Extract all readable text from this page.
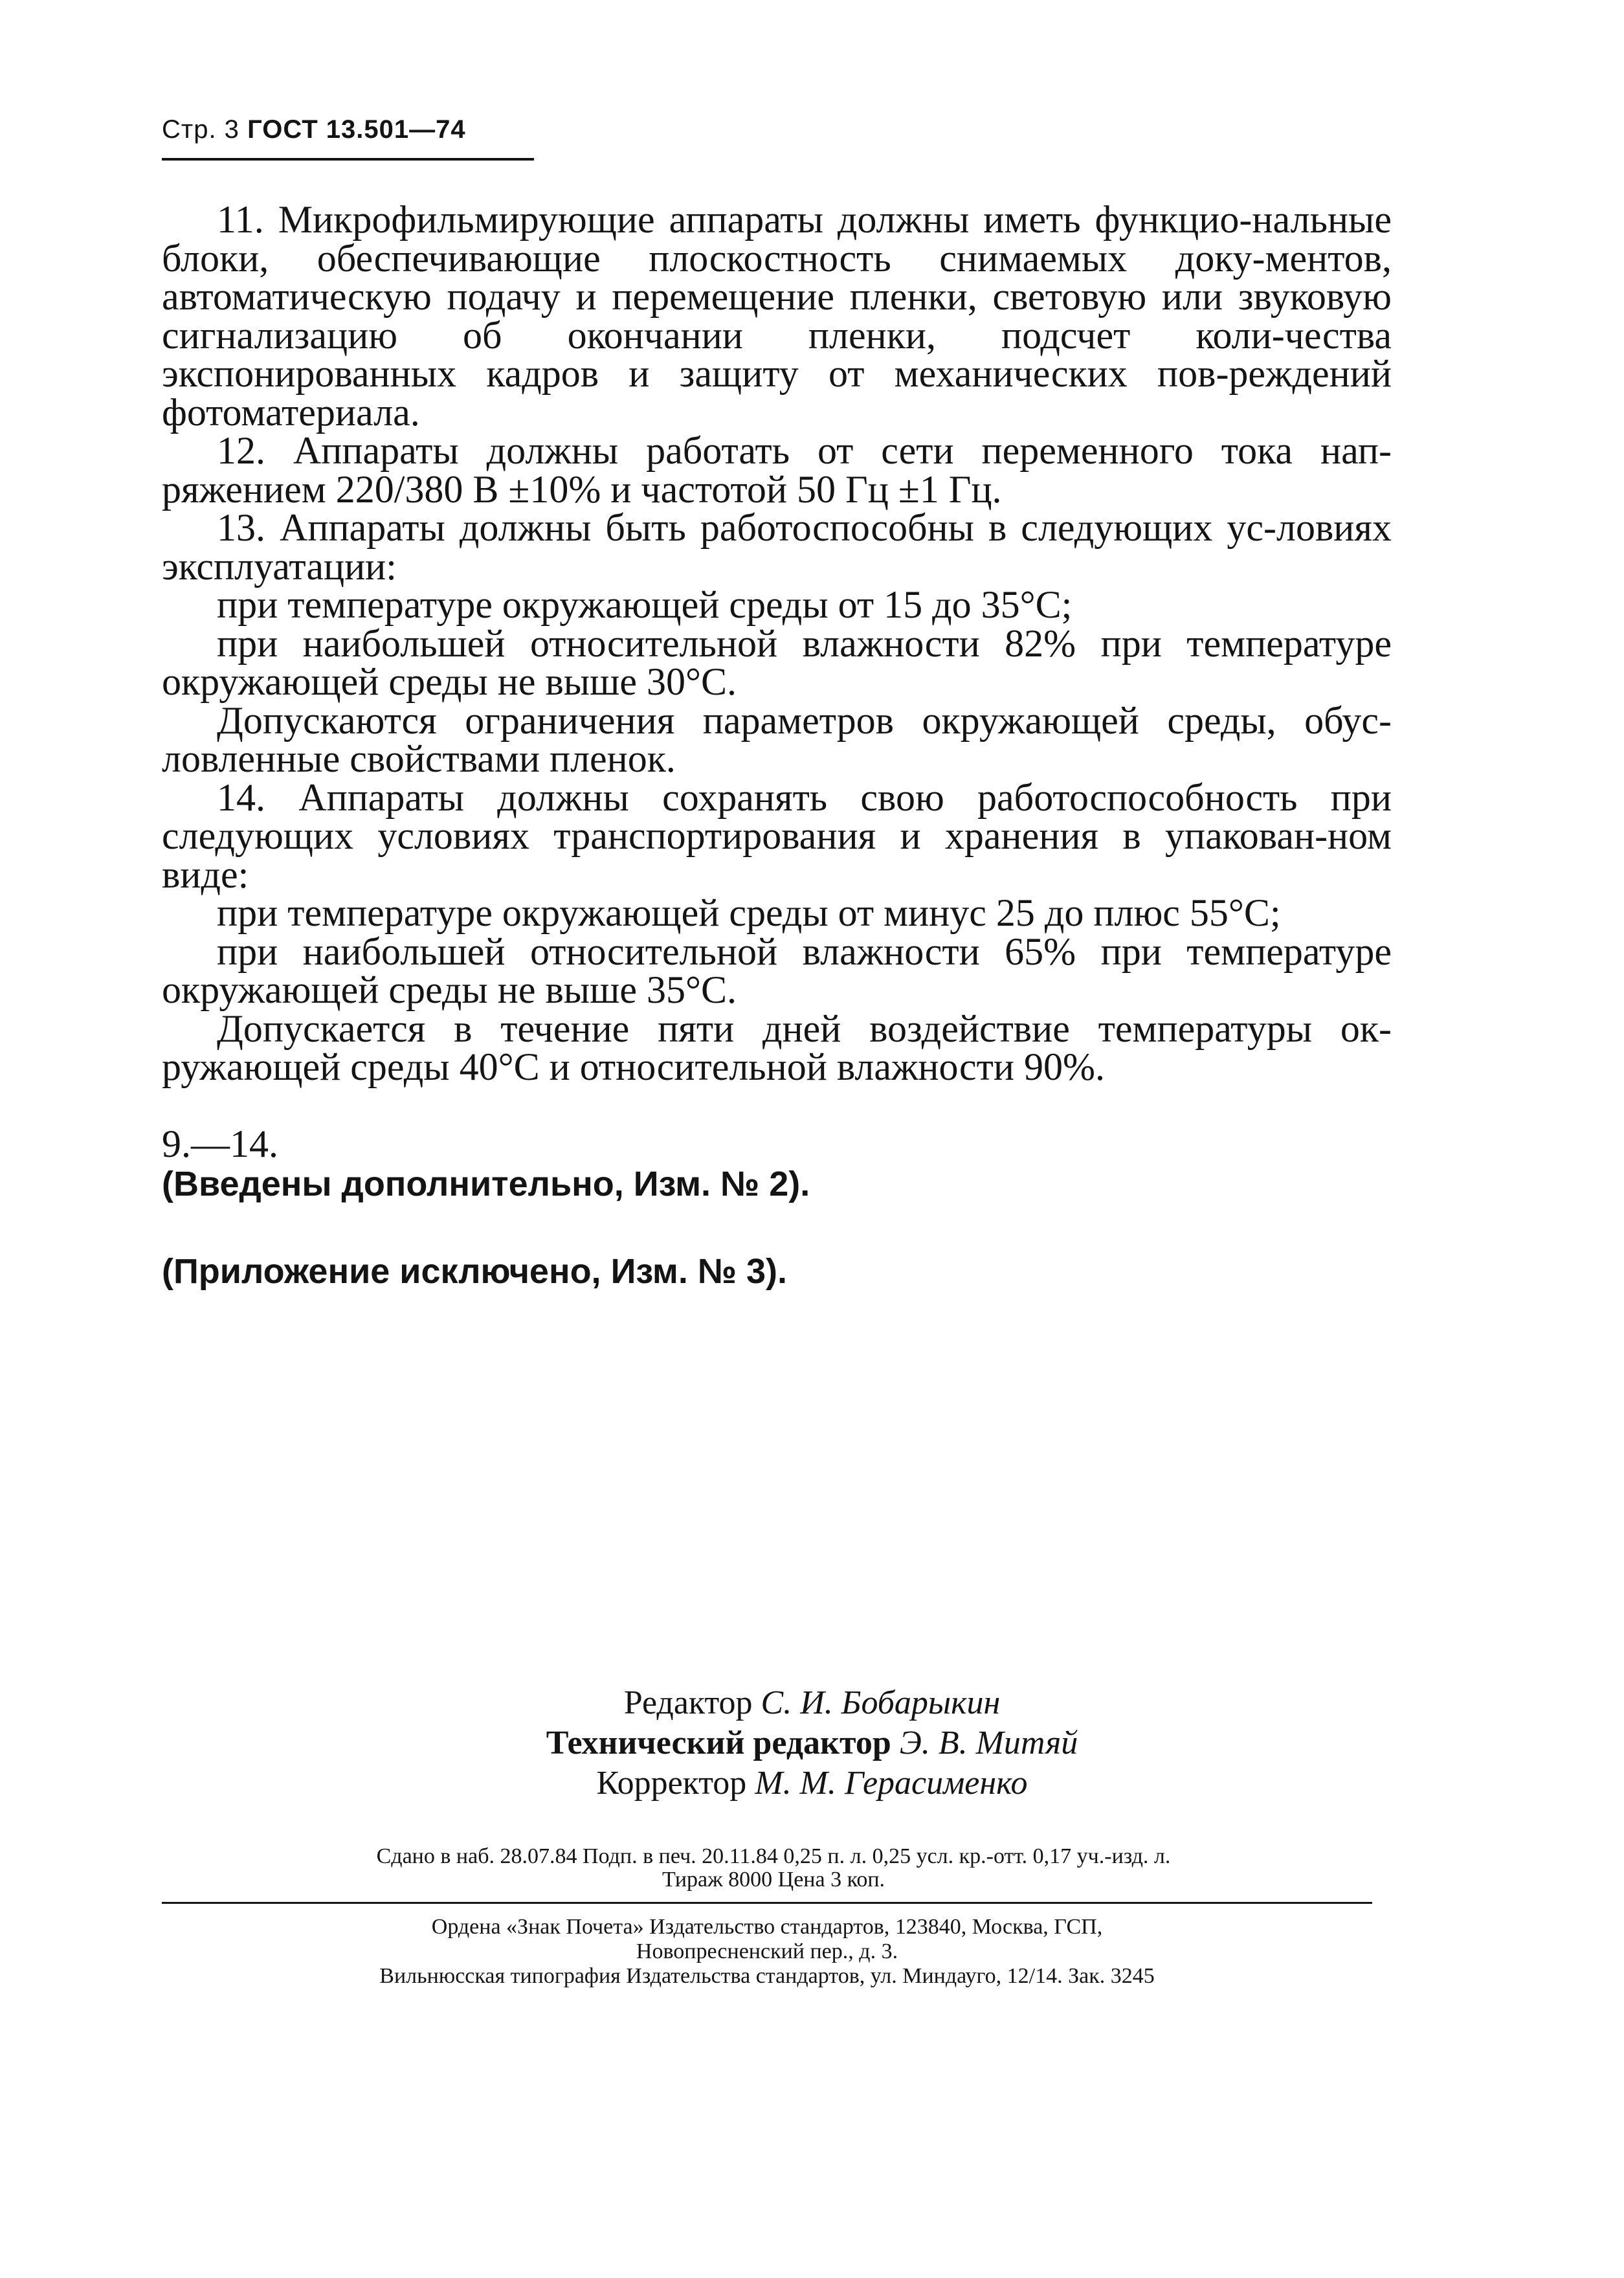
Стр. 3 ГОСТ 13.501—74

11. Микрофильмирующие аппараты должны иметь функцио-нальные блоки, обеспечивающие плоскостность снимаемых доку-ментов, автоматическую подачу и перемещение пленки, световую или звуковую сигнализацию об окончании пленки, подсчет коли-чества экспонированных кадров и защиту от механических пов-реждений фотоматериала.

12. Аппараты должны работать от сети переменного тока нап-ряжением 220/380 В ±10% и частотой 50 Гц ±1 Гц.

13. Аппараты должны быть работоспособны в следующих ус-ловиях эксплуатации:

при температуре окружающей среды от 15 до 35°С;

при наибольшей относительной влажности 82% при температуре окружающей среды не выше 30°С.

Допускаются ограничения параметров окружающей среды, обус-ловленные свойствами пленок.

14. Аппараты должны сохранять свою работоспособность при следующих условиях транспортирования и хранения в упакован-ном виде:

при температуре окружающей среды от минус 25 до плюс 55°С;

при наибольшей относительной влажности 65% при температуре окружающей среды не выше 35°С.

Допускается в течение пяти дней воздействие температуры ок-ружающей среды 40°С и относительной влажности 90%.

9.—14.
(Введены дополнительно, Изм. № 2).

(Приложение исключено, Изм. № 3).

Редактор С. И. Бобарыкин

Технический редактор Э. В. Митяй

Корректор М. М. Герасименко

Сдано в наб. 28.07.84 Подп. в печ. 20.11.84 0,25 п. л. 0,25 усл. кр.-отт. 0,17 уч.-изд. л.

Тираж 8000 Цена 3 коп.

Ордена «Знак Почета» Издательство стандартов, 123840, Москва, ГСП,

Новопресненский пер., д. 3.

Вильнюсская типография Издательства стандартов, ул. Миндауго, 12/14. Зак. 3245
